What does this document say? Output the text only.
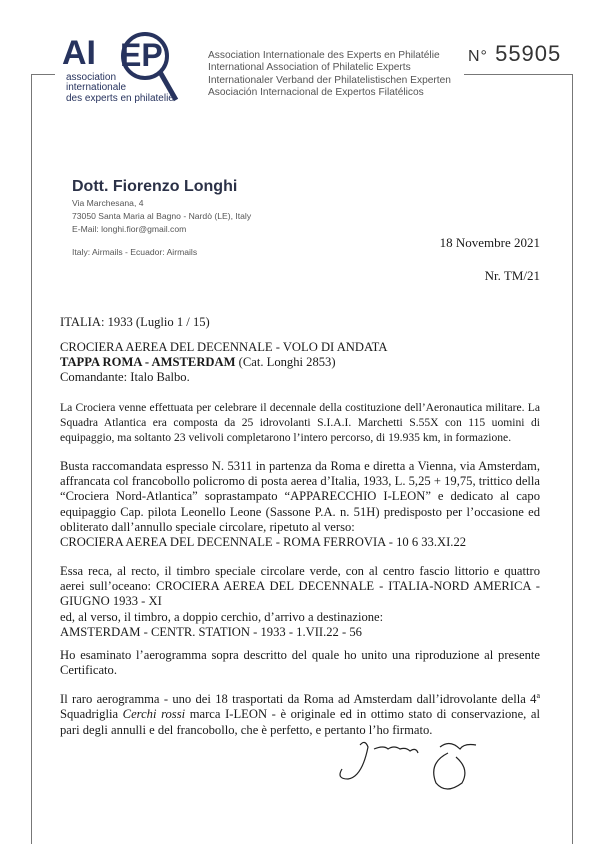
AI EP
association
internationale
des experts en philatelie
Association Internationale des Experts en Philatélie
International Association of Philatelic Experts
Internationaler Verband der Philatelistischen Experten
Asociación Internacional de Expertos Filatélicos
N° 55905
Dott. Fiorenzo Longhi
Via Marchesana, 4
73050 Santa Maria al Bagno - Nardò (LE), Italy
E-Mail: longhi.fior@gmail.com
Italy: Airmails - Ecuador: Airmails
18 Novembre 2021
Nr. TM/21
ITALIA: 1933 (Luglio 1 / 15)

CROCIERA AEREA DEL DECENNALE - VOLO DI ANDATA

TAPPA ROMA - AMSTERDAM (Cat. Longhi 2853)

Comandante: Italo Balbo.

La Crociera venne effettuata per celebrare il decennale della costituzione dell’Aeronautica militare. La Squadra Atlantica era composta da 25 idrovolanti S.I.A.I. Marchetti S.55X con 115 uomini di equipaggio, ma soltanto 23 velivoli completarono l’intero percorso, di 19.935 km, in formazione.

Busta raccomandata espresso N. 5311 in partenza da Roma e diretta a Vienna, via Amsterdam, affrancata col francobollo policromo di posta aerea d’Italia, 1933, L. 5,25 + 19,75, trittico della “Crociera Nord-Atlantica” soprastampato “APPARECCHIO I-LEON” e dedicato al capo equipaggio Cap. pilota Leonello Leone (Sassone P.A. n. 51H) predisposto per l’occasione ed obliterato dall’annullo speciale circolare, ripetuto al verso:

CROCIERA AEREA DEL DECENNALE - ROMA FERROVIA - 10 6 33.XI.22

Essa reca, al recto, il timbro speciale circolare verde, con al centro fascio littorio e quattro aerei sull’oceano: CROCIERA AEREA DEL DECENNALE - ITALIA-NORD AMERICA - GIUGNO 1933 - XI

ed, al verso, il timbro, a doppio cerchio, d’arrivo a destinazione:

AMSTERDAM - CENTR. STATION - 1933 - 1.VII.22 - 56

Ho esaminato l’aerogramma sopra descritto del quale ho unito una riproduzione al presente Certificato.

Il raro aerogramma - uno dei 18 trasportati da Roma ad Amsterdam dall’idrovolante della 4$^a$ Squadriglia Cerchi rossi marca I-LEON - è originale ed in ottimo stato di conservazione, al pari degli annulli e del francobollo, che è perfetto, e pertanto l’ho firmato.
